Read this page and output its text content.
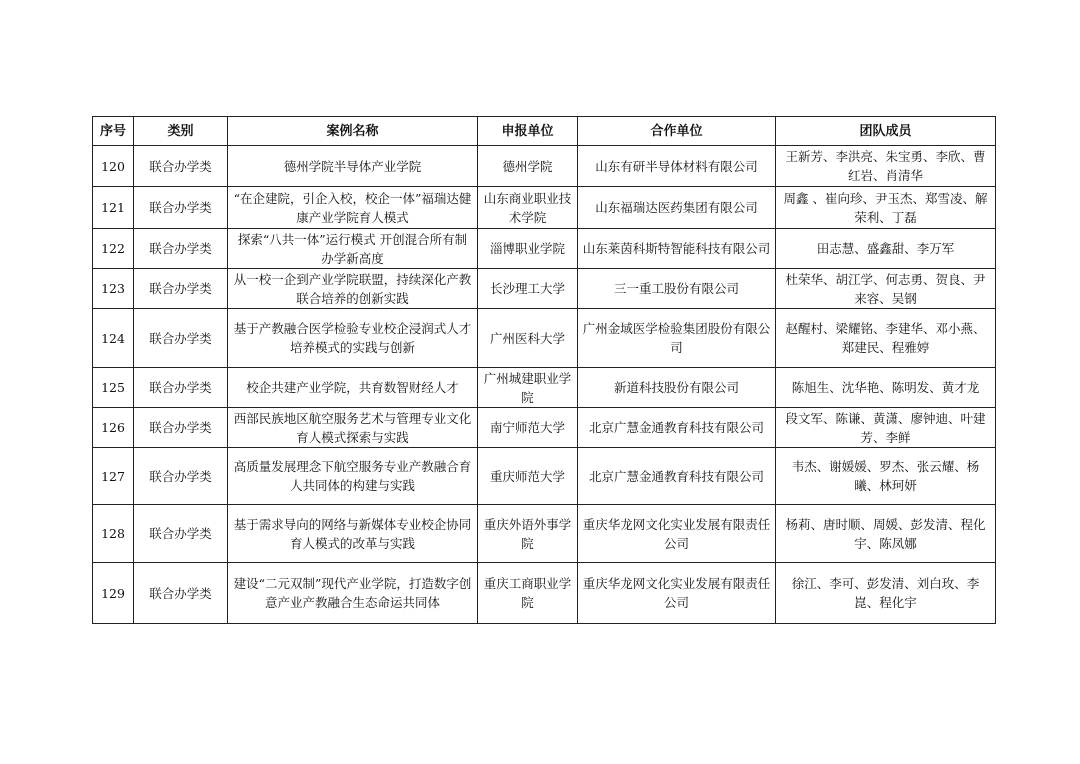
序号	类别	案例名称	申报单位	合作单位	团队成员
120	联合办学类	德州学院半导体产业学院	德州学院	山东有研半导体材料有限公司	王新芳、李洪亮、朱宝勇、李欣、曹红岩、肖清华
121	联合办学类	“在企建院，引企入校，校企一体”福瑞达健康产业学院育人模式	山东商业职业技术学院	山东福瑞达医药集团有限公司	周鑫 、崔向珍、尹玉杰、郑雪凌、解荣利、丁磊
122	联合办学类	探索“八共一体”运行模式 开创混合所有制办学新高度	淄博职业学院	山东莱茵科斯特智能科技有限公司	田志慧、盛鑫甜、李万军
123	联合办学类	从一校一企到产业学院联盟，持续深化产教联合培养的创新实践	长沙理工大学	三一重工股份有限公司	杜荣华、胡江学、何志勇、贺良、尹来容、吴钢
124	联合办学类	基于产教融合医学检验专业校企浸润式人才培养模式的实践与创新	广州医科大学	广州金域医学检验集团股份有限公司	赵醒村、梁耀铭、李建华、邓小燕、郑建民、程雅婷
125	联合办学类	校企共建产业学院，共育数智财经人才	广州城建职业学院	新道科技股份有限公司	陈旭生、沈华艳、陈明发、黄才龙
126	联合办学类	西部民族地区航空服务艺术与管理专业文化育人模式探索与实践	南宁师范大学	北京广慧金通教育科技有限公司	段文军、陈谦、黄潇、廖钟迪、叶建芳、李鲜
127	联合办学类	高质量发展理念下航空服务专业产教融合育人共同体的构建与实践	重庆师范大学	北京广慧金通教育科技有限公司	韦杰、谢媛媛、罗杰、张云耀、杨曦、林珂妍
128	联合办学类	基于需求导向的网络与新媒体专业校企协同育人模式的改革与实践	重庆外语外事学院	重庆华龙网文化实业发展有限责任公司	杨莉、唐时顺、周媛、彭发清、程化宇、陈凤娜
129	联合办学类	建设“二元双制”现代产业学院，打造数字创意产业产教融合生态命运共同体	重庆工商职业学院	重庆华龙网文化实业发展有限责任公司	徐江、李可、彭发清、刘白玫、李崑、程化宇
